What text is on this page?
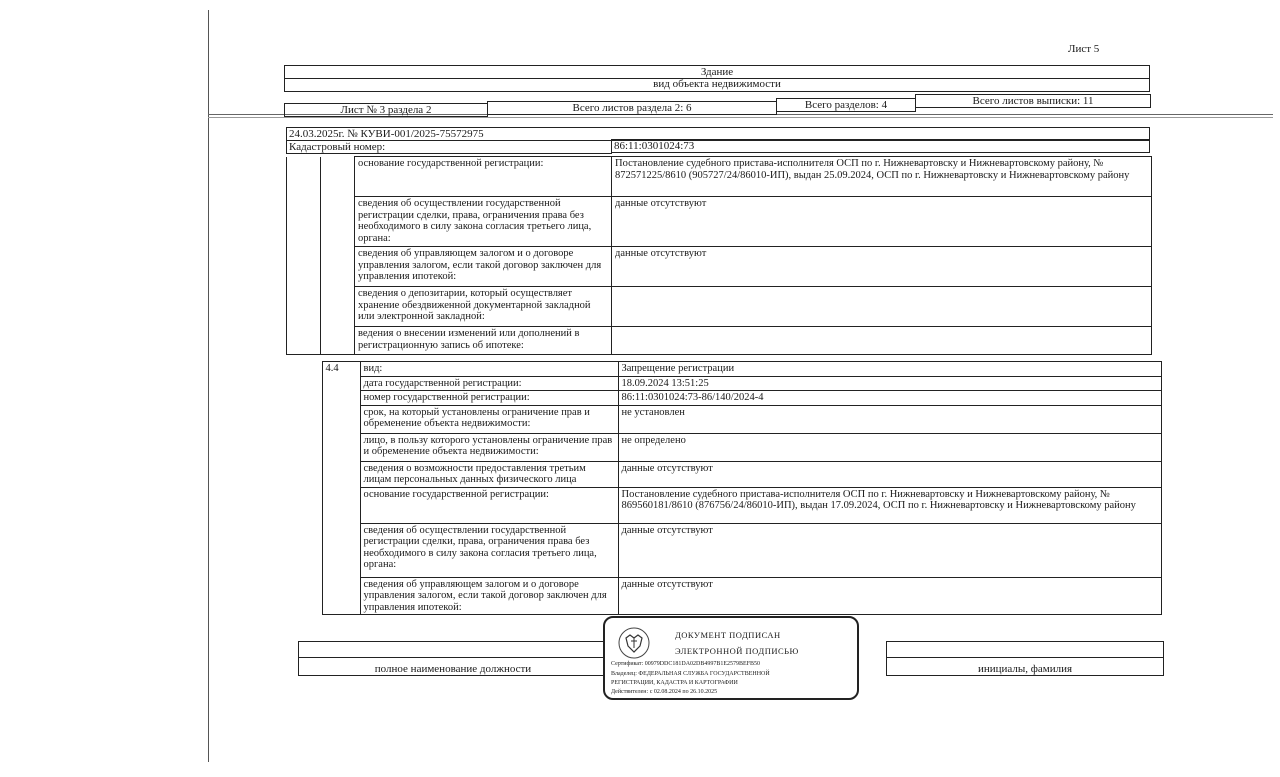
Лист 5
Здание
вид объекта недвижимости
Лист № 3 раздела 2	Всего листов раздела 2: 6	Всего разделов: 4	Всего листов выписки: 11
24.03.2025г. № КУВИ-001/2025-75572975
Кадастровый номер:	86:11:0301024:73
		основание государственной регистрации:	Постановление судебного пристава-исполнителя ОСП по г. Нижневартовску и Нижневартовскому району, № 872571225/8610 (905727/24/86010-ИП), выдан 25.09.2024, ОСП по г. Нижневартовску и Нижневартовскому району
		сведения об осуществлении государственной регистрации сделки, права, ограничения права без необходимого в силу закона согласия третьего лица, органа:	данные отсутствуют
		сведения об управляющем залогом и о договоре управления залогом, если такой договор заключен для управления ипотекой:	данные отсутствуют
		сведения о депозитарии, который осуществляет хранение обездвиженной документарной закладной или электронной закладной:	
		ведения о внесении изменений или дополнений в регистрационную запись об ипотеке:	
	4.4	вид:	Запрещение регистрации
		дата государственной регистрации:	18.09.2024 13:51:25
		номер государственной регистрации:	86:11:0301024:73-86/140/2024-4
		срок, на который установлены ограничение прав и обременение объекта недвижимости:	не установлен
		лицо, в пользу которого установлены ограничение прав и обременение объекта недвижимости:	не определено
		сведения о возможности предоставления третьим лицам персональных данных физического лица	данные отсутствуют
		основание государственной регистрации:	Постановление судебного пристава-исполнителя ОСП по г. Нижневартовску и Нижневартовскому району, № 869560181/8610 (876756/24/86010-ИП), выдан 17.09.2024, ОСП по г. Нижневартовску и Нижневартовскому району
		сведения об осуществлении государственной регистрации сделки, права, ограничения права без необходимого в силу закона согласия третьего лица, органа:	данные отсутствуют
		сведения об управляющем залогом и о договоре управления залогом, если такой договор заключен для управления ипотекой:	данные отсутствуют

полное наименование должности		инициалы, фамилия
ДОКУМЕНТ ПОДПИСАН
ЭЛЕКТРОННОЙ ПОДПИСЬЮ
Сертификат: 00979DDC181DA02DB4997B1E2579BEFB50
Владелец: ФЕДЕРАЛЬНАЯ СЛУЖБА ГОСУДАРСТВЕННОЙ
РЕГИСТРАЦИИ, КАДАСТРА И КАРТОГРАФИИ
Действителен: с 02.08.2024 по 26.10.2025
